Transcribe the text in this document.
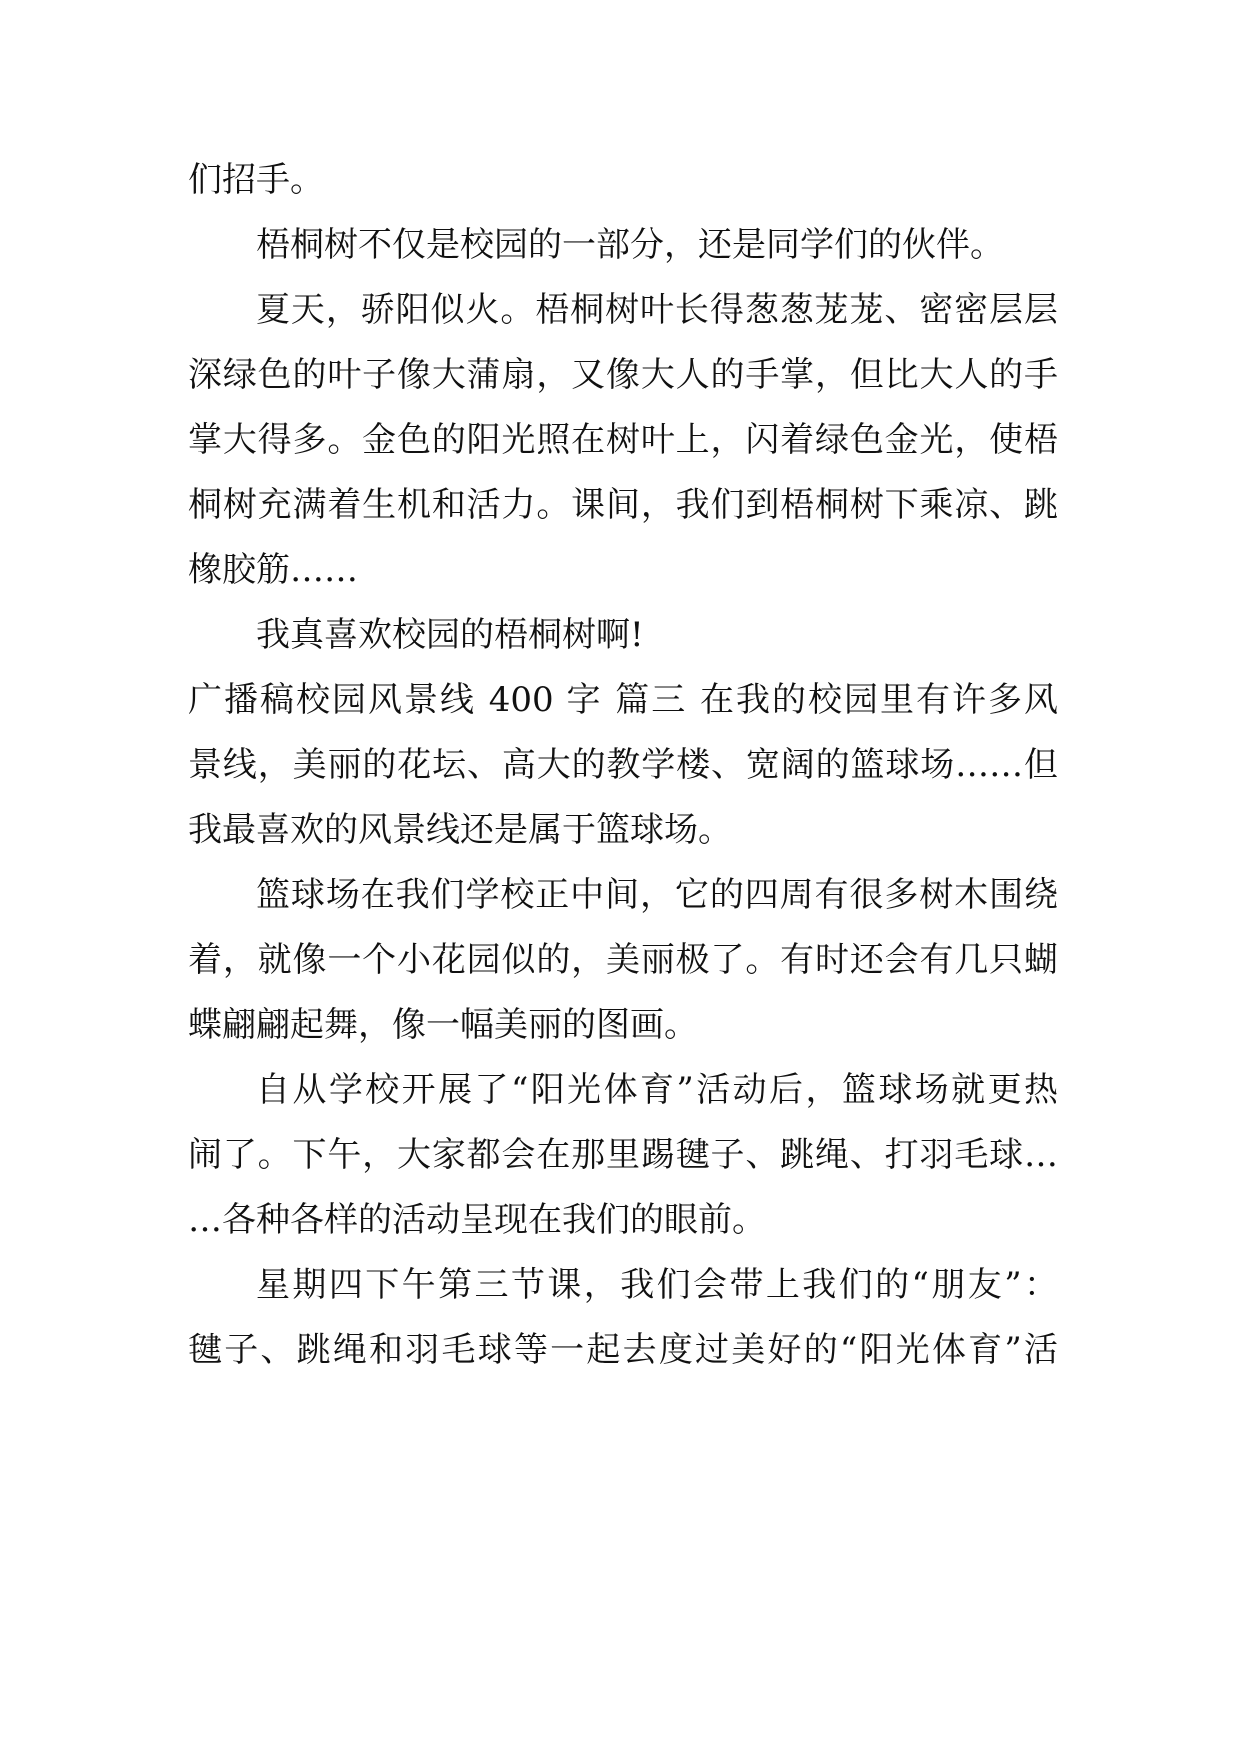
们招手。
梧桐树不仅是校园的一部分，还是同学们的伙伴。
夏天，骄阳似火。梧桐树叶长得葱葱茏茏、密密层层
深绿色的叶子像大蒲扇，又像大人的手掌，但比大人的手
掌大得多。金色的阳光照在树叶上，闪着绿色金光，使梧
桐树充满着生机和活力。课间，我们到梧桐树下乘凉、跳
橡胶筋……
我真喜欢校园的梧桐树啊!
广播稿校园风景线 400 字 篇三 在我的校园里有许多风
景线，美丽的花坛、高大的教学楼、宽阔的篮球场……但
我最喜欢的风景线还是属于篮球场。
篮球场在我们学校正中间，它的四周有很多树木围绕
着，就像一个小花园似的，美丽极了。有时还会有几只蝴
蝶翩翩起舞，像一幅美丽的图画。
自从学校开展了“阳光体育”活动后，篮球场就更热
闹了。下午，大家都会在那里踢毽子、跳绳、打羽毛球…
…各种各样的活动呈现在我们的眼前。
星期四下午第三节课，我们会带上我们的“朋友”：
毽子、跳绳和羽毛球等一起去度过美好的“阳光体育”活
